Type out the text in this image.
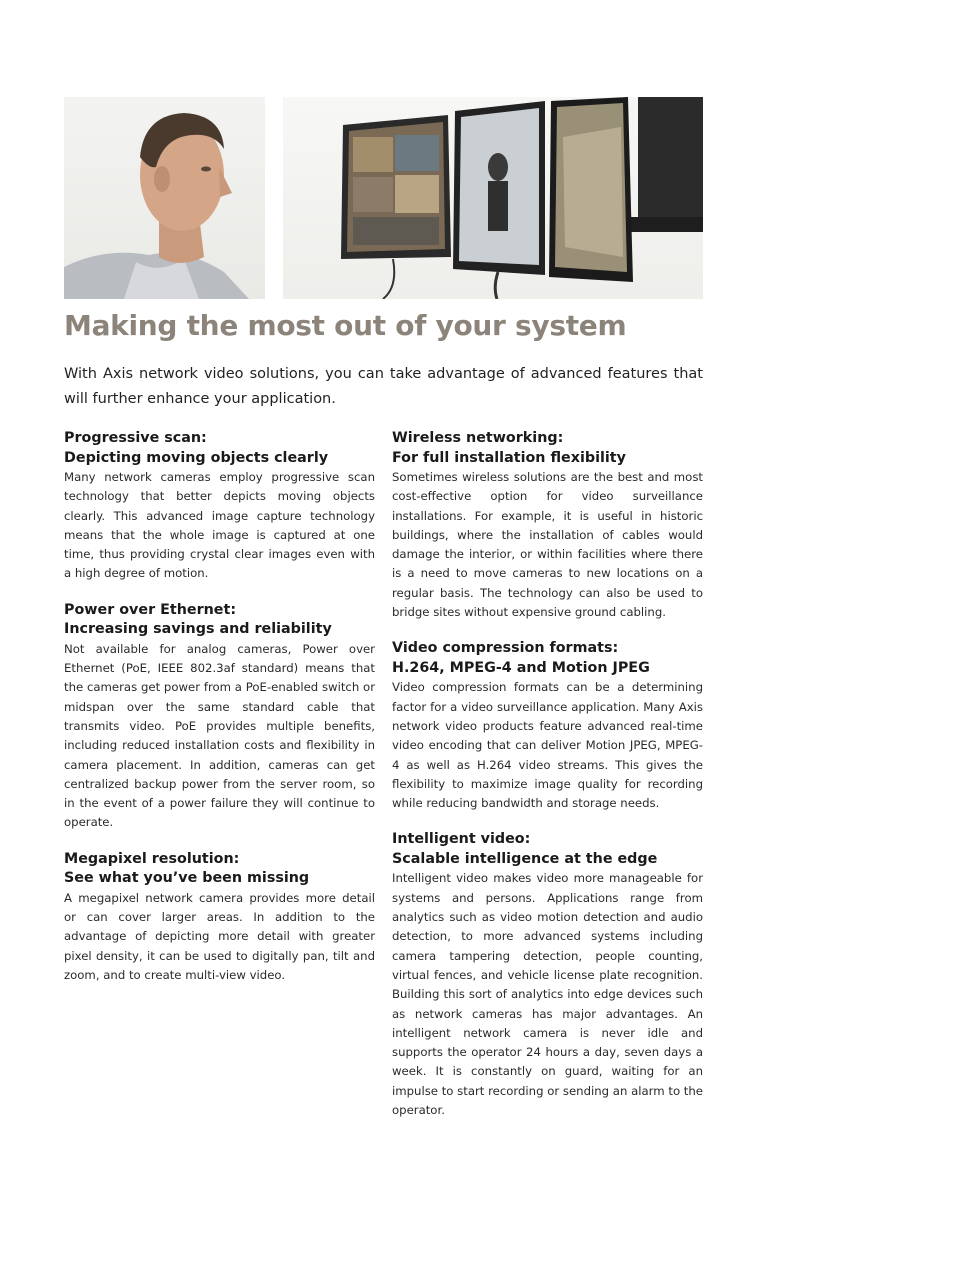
Making the most out of your system

With Axis network video solutions, you can take advantage of advanced features that will further enhance your application.

Progressive scan:

Depicting moving objects clearly

Many network cameras employ progressive scan technology that better depicts moving objects clearly. This advanced image capture technology means that the whole image is captured at one time, thus providing crystal clear images even with a high degree of motion.

Power over Ethernet:

Increasing savings and reliability

Not available for analog cameras, Power over Ethernet (PoE, IEEE 802.3af standard) means that the cameras get power from a PoE-enabled switch or midspan over the same standard cable that transmits video. PoE provides multiple benefits, including reduced installation costs and flexibility in camera placement. In addition, cameras can get centralized backup power from the server room, so in the event of a power failure they will continue to operate.

Megapixel resolution:

See what you’ve been missing

A megapixel network camera provides more detail or can cover larger areas. In addition to the advantage of depicting more detail with greater pixel density, it can be used to digitally pan, tilt and zoom, and to create multi-view video.

Wireless networking:

For full installation flexibility

Sometimes wireless solutions are the best and most cost-effective option for video surveillance installations. For example, it is useful in historic buildings, where the installation of cables would damage the interior, or within facilities where there is a need to move cameras to new locations on a regular basis. The technology can also be used to bridge sites without expensive ground cabling.

Video compression formats:

H.264, MPEG-4 and Motion JPEG

Video compression formats can be a determining factor for a video surveillance application. Many Axis network video products feature advanced real-time video encoding that can deliver Motion JPEG, MPEG-4 as well as H.264 video streams. This gives the flexibility to maximize image quality for recording while reducing bandwidth and storage needs.

Intelligent video:

Scalable intelligence at the edge

Intelligent video makes video more manageable for systems and persons. Applications range from analytics such as video motion detection and audio detection, to more advanced systems including camera tampering detection, people counting, virtual fences, and vehicle license plate recognition. Building this sort of analytics into edge devices such as network cameras has major advantages. An intelligent network camera is never idle and supports the operator 24 hours a day, seven days a week. It is constantly on guard, waiting for an impulse to start recording or sending an alarm to the operator.
